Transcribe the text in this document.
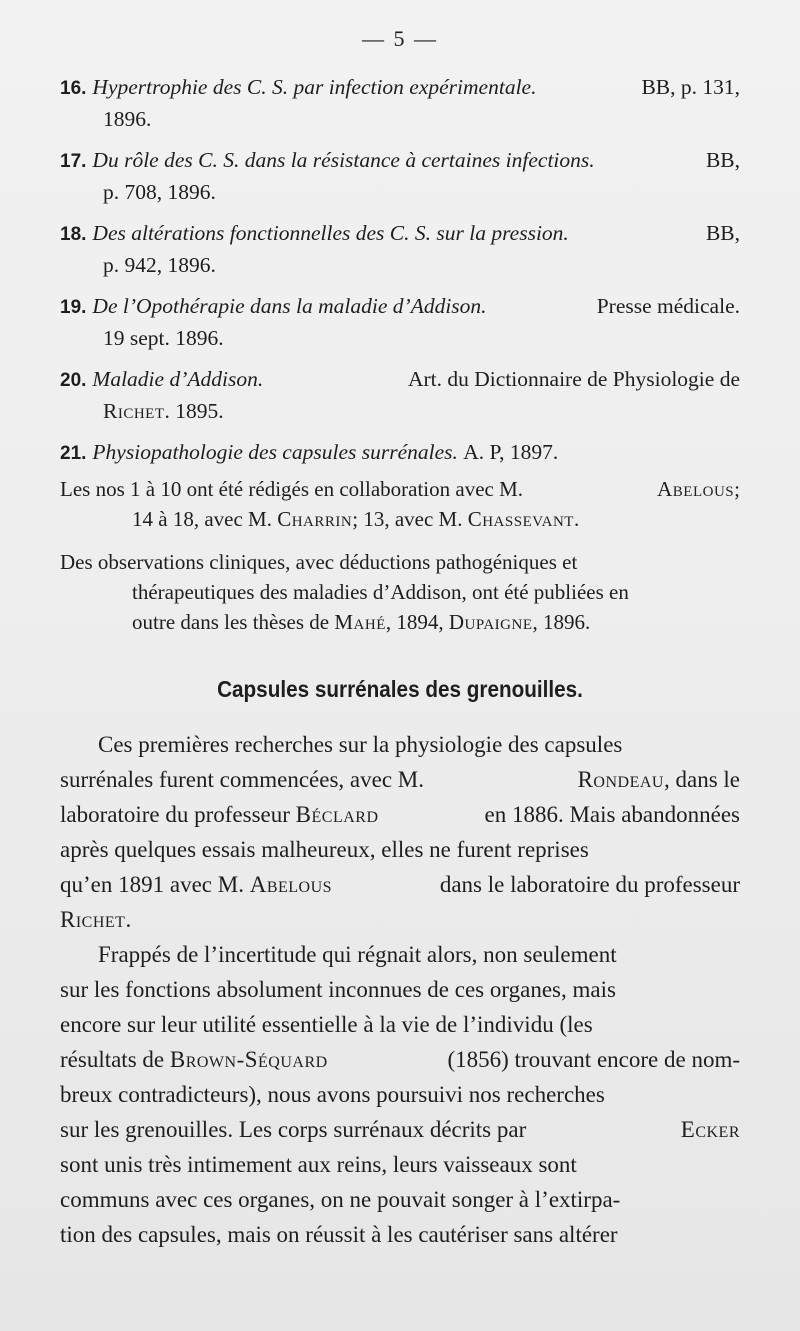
— 5 —
16. Hypertrophie des C. S. par infection expérimentale.	BB, p. 131,
1896.
17. Du rôle des C. S. dans la résistance à certaines infections.	BB,
p. 708, 1896.
18. Des altérations fonctionnelles des C. S. sur la pression.	BB,
p. 942, 1896.
19. De l’Opothérapie dans la maladie d’Addison.	Presse médicale.
19 sept. 1896.
20. Maladie d’Addison.	Art. du Dictionnaire de Physiologie de
Richet. 1895.
21. Physiopathologie des capsules surrénales.
A. P, 1897.
Les nos 1 à 10 ont été rédigés en collaboration avec M.	Abelous;
14 à 18, avec M. Charrin; 13, avec M. Chassevant.
Des observations cliniques, avec déductions pathogéniques et
thérapeutiques des maladies d’Addison, ont été publiées en
outre dans les thèses de Mahé, 1894, Dupaigne, 1896.
Capsules surrénales des grenouilles.
Ces premières recherches sur la physiologie des capsules
surrénales furent commencées, avec M.	Rondeau, dans le
laboratoire du professeur Béclard	en 1886. Mais abandonnées
après quelques essais malheureux, elles ne furent reprises
qu’en 1891 avec M. Abelous	dans le laboratoire du professeur
Richet .
Frappés de l’incertitude qui régnait alors, non seulement
sur les fonctions absolument inconnues de ces organes, mais
encore sur leur utilité essentielle à la vie de l’individu (les
résultats de Brown-Séquard	(1856) trouvant encore de nom-
breux contradicteurs), nous avons poursuivi nos recherches
sur les grenouilles. Les corps surrénaux décrits par	Ecker
sont unis très intimement aux reins, leurs vaisseaux sont
communs avec ces organes, on ne pouvait songer à l’extirpa-
tion des capsules, mais on réussit à les cautériser sans altérer
